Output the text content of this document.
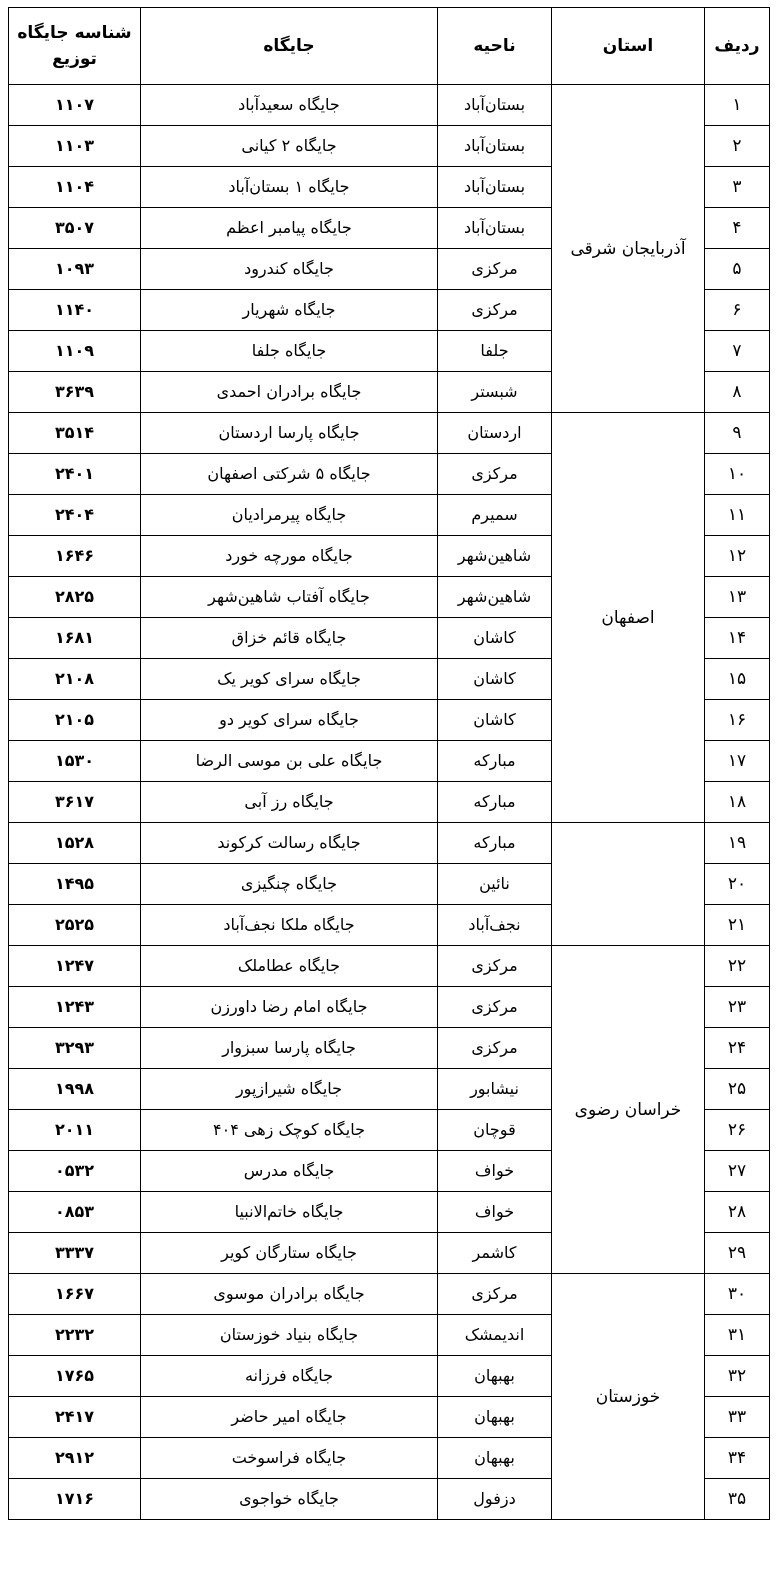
ردیف	استان	ناحیه	جایگاه	شناسه جایگاه توزیع
۱	آذربایجان شرقی	بستان‌آباد	جایگاه سعیدآباد	۱۱۰۷
۲		بستان‌آباد	جایگاه ۲ کیانی	۱۱۰۳
۳		بستان‌آباد	جایگاه ۱ بستان‌آباد	۱۱۰۴
۴		بستان‌آباد	جایگاه پیامبر اعظم	۳۵۰۷
۵		مرکزی	جایگاه کندرود	۱۰۹۳
۶		مرکزی	جایگاه شهریار	۱۱۴۰
۷		جلفا	جایگاه جلفا	۱۱۰۹
۸		شبستر	جایگاه برادران احمدی	۳۶۳۹
۹	اصفهان	اردستان	جایگاه پارسا اردستان	۳۵۱۴
۱۰		مرکزی	جایگاه ۵ شرکتی اصفهان	۲۴۰۱
۱۱		سمیرم	جایگاه پیرمرادیان	۲۴۰۴
۱۲		شاهین‌شهر	جایگاه مورچه خورد	۱۶۴۶
۱۳		شاهین‌شهر	جایگاه آفتاب شاهین‌شهر	۲۸۲۵
۱۴		کاشان	جایگاه قائم خزاق	۱۶۸۱
۱۵		کاشان	جایگاه سرای کویر یک	۲۱۰۸
۱۶		کاشان	جایگاه سرای کویر دو	۲۱۰۵
۱۷		مبارکه	جایگاه علی بن موسی الرضا	۱۵۳۰
۱۸		مبارکه	جایگاه رز آبی	۳۶۱۷
۱۹		مبارکه	جایگاه رسالت کرکوند	۱۵۲۸
۲۰		نائین	جایگاه چنگیزی	۱۴۹۵
۲۱		نجف‌آباد	جایگاه ملکا نجف‌آباد	۲۵۲۵
۲۲	خراسان رضوی	مرکزی	جایگاه عطاملک	۱۲۴۷
۲۳		مرکزی	جایگاه امام رضا داورزن	۱۲۴۳
۲۴		مرکزی	جایگاه پارسا سبزوار	۳۲۹۳
۲۵		نیشابور	جایگاه شیرازپور	۱۹۹۸
۲۶		قوچان	جایگاه کوچک زهی ۴۰۴	۲۰۱۱
۲۷		خواف	جایگاه مدرس	۰۵۳۲
۲۸		خواف	جایگاه خاتم‌الانبیا	۰۸۵۳
۲۹		کاشمر	جایگاه ستارگان کویر	۳۳۳۷
۳۰	خوزستان	مرکزی	جایگاه برادران موسوی	۱۶۶۷
۳۱		اندیمشک	جایگاه بنیاد خوزستان	۲۲۳۲
۳۲		بهبهان	جایگاه فرزانه	۱۷۶۵
۳۳		بهبهان	جایگاه امیر حاضر	۲۴۱۷
۳۴		بهبهان	جایگاه فراسوخت	۲۹۱۲
۳۵		دزفول	جایگاه خواجوی	۱۷۱۶
